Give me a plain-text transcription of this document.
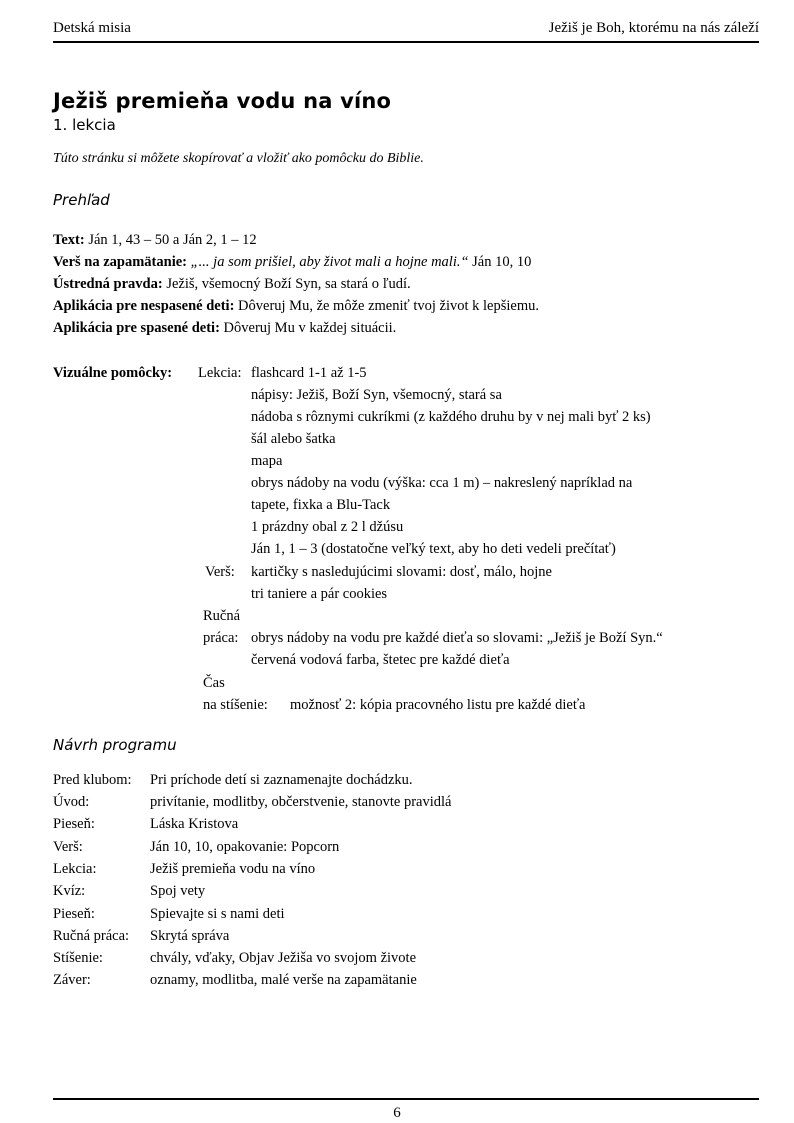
Detská misia	Ježiš je Boh, ktorému na nás záleží
Ježiš premieňa vodu na víno
1. lekcia
Túto stránku si môžete skopírovať a vložiť ako pomôcku do Biblie.
Prehľad
Text: Ján 1, 43 – 50 a Ján 2, 1 – 12
Verš na zapamätanie: „... ja som prišiel, aby život mali a hojne mali.“ Ján 10, 10
Ústredná pravda: Ježiš, všemocný Boží Syn, sa stará o ľudí.
Aplikácia pre nespasené deti: Dôveruj Mu, že môže zmeniť tvoj život k lepšiemu.
Aplikácia pre spasené deti: Dôveruj Mu v každej situácii.
Vizuálne pomôcky: Lekcia: flashcard 1-1 až 1-5
nápisy: Ježiš, Boží Syn, všemocný, stará sa
nádoba s rôznymi cukríkmi (z každého druhu by v nej mali byť 2 ks)
šál alebo šatka
mapa
obrys nádoby na vodu (výška: cca 1 m) – nakreslený napríklad na
tapete, fixka a Blu-Tack
1 prázdny obal z 2 l džúsu
Ján 1, 1 – 3 (dostatočne veľký text, aby ho deti vedeli prečítať)
Verš: kartičky s nasledujúcimi slovami: dosť, málo, hojne
tri taniere a pár cookies
Ručná
práca: obrys nádoby na vodu pre každé dieťa so slovami: „Ježiš je Boží Syn.“
červená vodová farba, štetec pre každé dieťa
Čas
na stíšenie: možnosť 2: kópia pracovného listu pre každé dieťa
Návrh programu
Pred klubom: Pri príchode detí si zaznamenajte dochádzku.
Úvod:	privítanie, modlitby, občerstvenie, stanovte pravidlá
Pieseň:	Láska Kristova
Verš:	Ján 10, 10, opakovanie: Popcorn
Lekcia:	Ježiš premieňa vodu na víno
Kvíz:	Spoj vety
Pieseň:	Spievajte si s nami deti
Ručná práca: Skrytá správa
Stíšenie:	chvály, vďaky, Objav Ježiša vo svojom živote
Záver:	oznamy, modlitba, malé verše na zapamätanie
6
